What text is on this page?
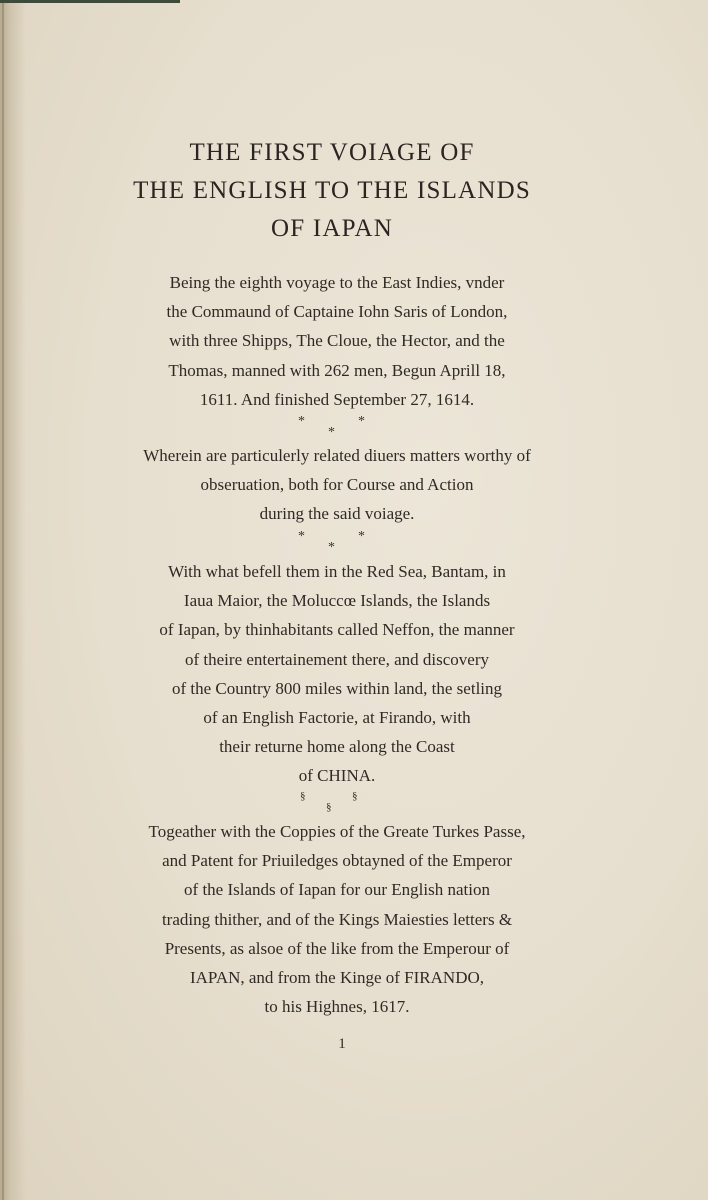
THE FIRST VOIAGE OF
THE ENGLISH TO THE ISLANDS
OF IAPAN
Being the eighth voyage to the East Indies, vnder
the Commaund of Captaine Iohn Saris of London,
with three Shipps, The Cloue, the Hector, and the
Thomas, manned with 262 men, Begun Aprill 18,
1611. And finished September 27, 1614.
*
*
*
Wherein are particulerly related diuers matters worthy of
obseruation, both for Course and Action
during the said voiage.
*
*
*
With what befell them in the Red Sea, Bantam, in
Iaua Maior, the Moluccœ Islands, the Islands
of Iapan, by thinhabitants called Neffon, the manner
of theire entertainement there, and discovery
of the Country 800 miles within land, the setling
of an English Factorie, at Firando, with
their returne home along the Coast
of CHINA.
§
§
§
Togeather with the Coppies of the Greate Turkes Passe,
and Patent for Priuiledges obtayned of the Emperor
of the Islands of Iapan for our English nation
trading thither, and of the Kings Maiesties letters &
Presents, as alsoe of the like from the Emperour of
IAPAN, and from the Kinge of FIRANDO,
to his Highnes, 1617.
1
